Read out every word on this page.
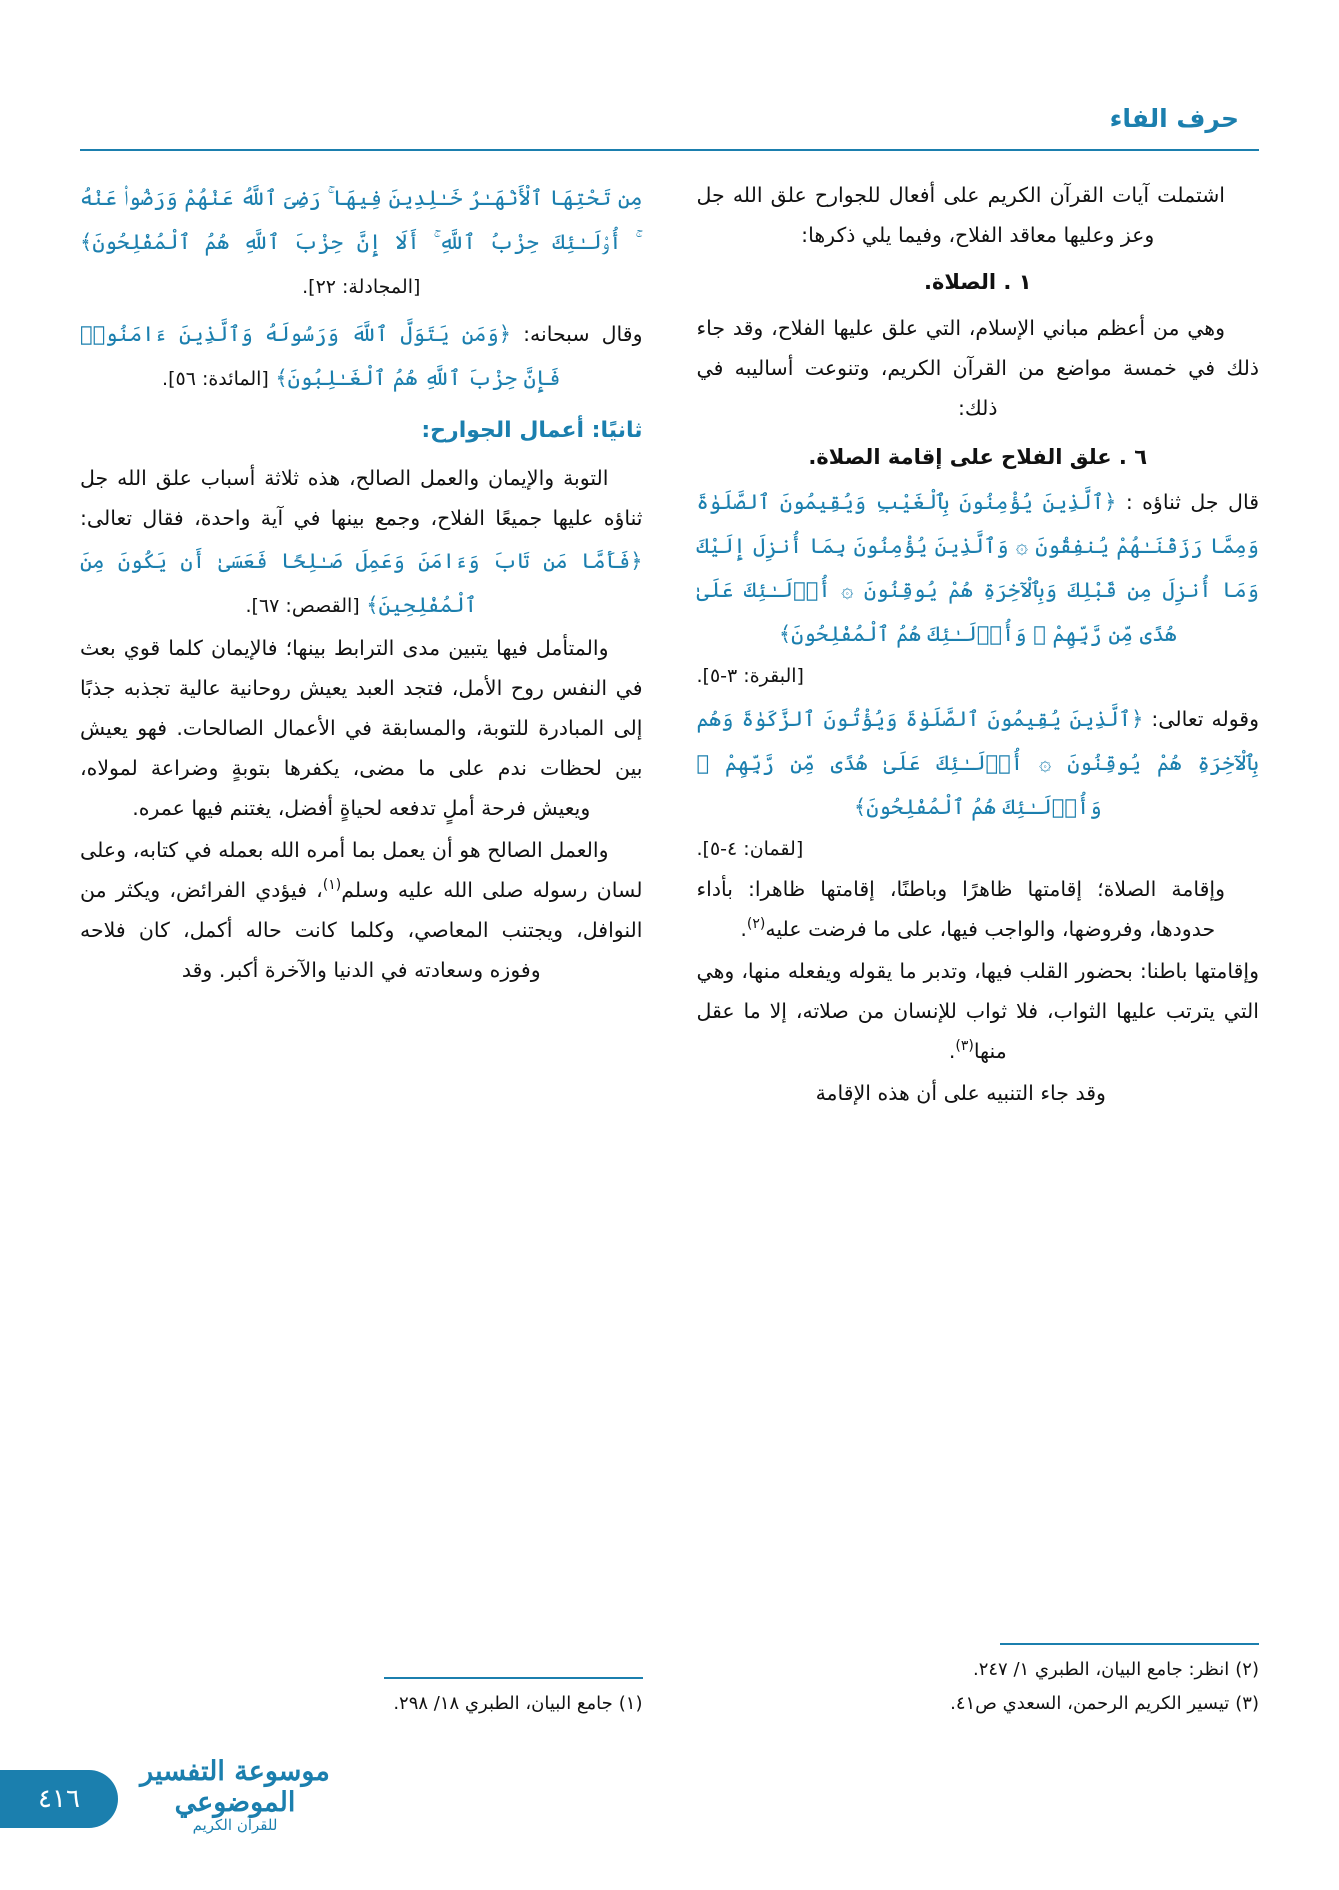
حرف الفاء

اشتملت آيات القرآن الكريم على أفعال للجوارح علق الله جل وعز وعليها معاقد الفلاح، وفيما يلي ذكرها:

١ . الصلاة.

وهي من أعظم مباني الإسلام، التي علق عليها الفلاح، وقد جاء ذلك في خمسة مواضع من القرآن الكريم، وتنوعت أساليبه في ذلك:

٦ . علق الفلاح على إقامة الصلاة.

قال جل ثناؤه : ﴿ٱلَّذِينَ يُؤْمِنُونَ بِٱلْغَيْبِ وَيُقِيمُونَ ٱلصَّلَوٰةَ وَمِمَّا رَزَقْنَـٰهُمْ يُنفِقُونَ ۞ وَٱلَّذِينَ يُؤْمِنُونَ بِمَا أُنزِلَ إِلَيْكَ وَمَا أُنزِلَ مِن قَبْلِكَ وَبِٱلْآخِرَةِ هُمْ يُوقِنُونَ ۞ أُو۟لَـٰئِكَ عَلَىٰ هُدًى مِّن رَّبِّهِمْ ۖ وَأُو۟لَـٰئِكَ هُمُ ٱلْمُفْلِحُونَ﴾

[البقرة: ٣-٥].

وقوله تعالى: ﴿ٱلَّذِينَ يُقِيمُونَ ٱلصَّلَوٰةَ وَيُؤْتُونَ ٱلزَّكَوٰةَ وَهُم بِٱلْآخِرَةِ هُمْ يُوقِنُونَ ۞ أُو۟لَـٰئِكَ عَلَىٰ هُدًى مِّن رَّبِّهِمْ ۖ وَأُو۟لَـٰئِكَ هُمُ ٱلْمُفْلِحُونَ﴾

[لقمان: ٤-٥].

وإقامة الصلاة؛ إقامتها ظاهرًا وباطنًا، إقامتها ظاهرا: بأداء حدودها، وفروضها، والواجب فيها، على ما فرضت عليه$^{(٢)}$.

وإقامتها باطنا: بحضور القلب فيها، وتدبر ما يقوله ويفعله منها، وهي التي يترتب عليها الثواب، فلا ثواب للإنسان من صلاته، إلا ما عقل منها$^{(٣)}$.

وقد جاء التنبيه على أن هذه الإقامة

(٢)انظر: جامع البيان، الطبري ١/ ٢٤٧.
(٣)تيسير الكريم الرحمن، السعدي ص٤١.

مِن تَحْتِهَا ٱلْأَنْهَـٰرُ خَـٰلِدِينَ فِيهَا ۚ رَضِىَ ٱللَّهُ عَنْهُمْ وَرَضُوا۟ عَنْهُ ۚ أُو۟لَـٰئِكَ حِزْبُ ٱللَّهِ ۚ أَلَا إِنَّ حِزْبَ ٱللَّهِ هُمُ ٱلْمُفْلِحُونَ﴾ [المجادلة: ٢٢].

وقال سبحانه: ﴿وَمَن يَتَوَلَّ ٱللَّهَ وَرَسُولَهُ وَٱلَّذِينَ ءَامَنُوا۟ فَإِنَّ حِزْبَ ٱللَّهِ هُمُ ٱلْغَـٰلِبُونَ﴾ [المائدة: ٥٦].

ثانيًا: أعمال الجوارح:

التوبة والإيمان والعمل الصالح، هذه ثلاثة أسباب علق الله جل ثناؤه عليها جميعًا الفلاح، وجمع بينها في آية واحدة، فقال تعالى: ﴿فَأَمَّا مَن تَابَ وَءَامَنَ وَعَمِلَ صَـٰلِحًا فَعَسَىٰ أَن يَكُونَ مِنَ ٱلْمُفْلِحِينَ﴾ [القصص: ٦٧].

والمتأمل فيها يتبين مدى الترابط بينها؛ فالإيمان كلما قوي بعث في النفس روح الأمل، فتجد العبد يعيش روحانية عالية تجذبه جذبًا إلى المبادرة للتوبة، والمسابقة في الأعمال الصالحات. فهو يعيش بين لحظات ندم على ما مضى، يكفرها بتوبةٍ وضراعة لمولاه، ويعيش فرحة أملٍ تدفعه لحياةٍ أفضل، يغتنم فيها عمره.

والعمل الصالح هو أن يعمل بما أمره الله بعمله في كتابه، وعلى لسان رسوله صلى الله عليه وسلم$^{(١)}$، فيؤدي الفرائض، ويكثر من النوافل، ويجتنب المعاصي، وكلما كانت حاله أكمل، كان فلاحه وفوزه وسعادته في الدنيا والآخرة أكبر. وقد

(١)جامع البيان، الطبري ١٨/ ٢٩٨.
موسوعة التفسير الموضوعي
للقرآن الكريم
٤١٦
